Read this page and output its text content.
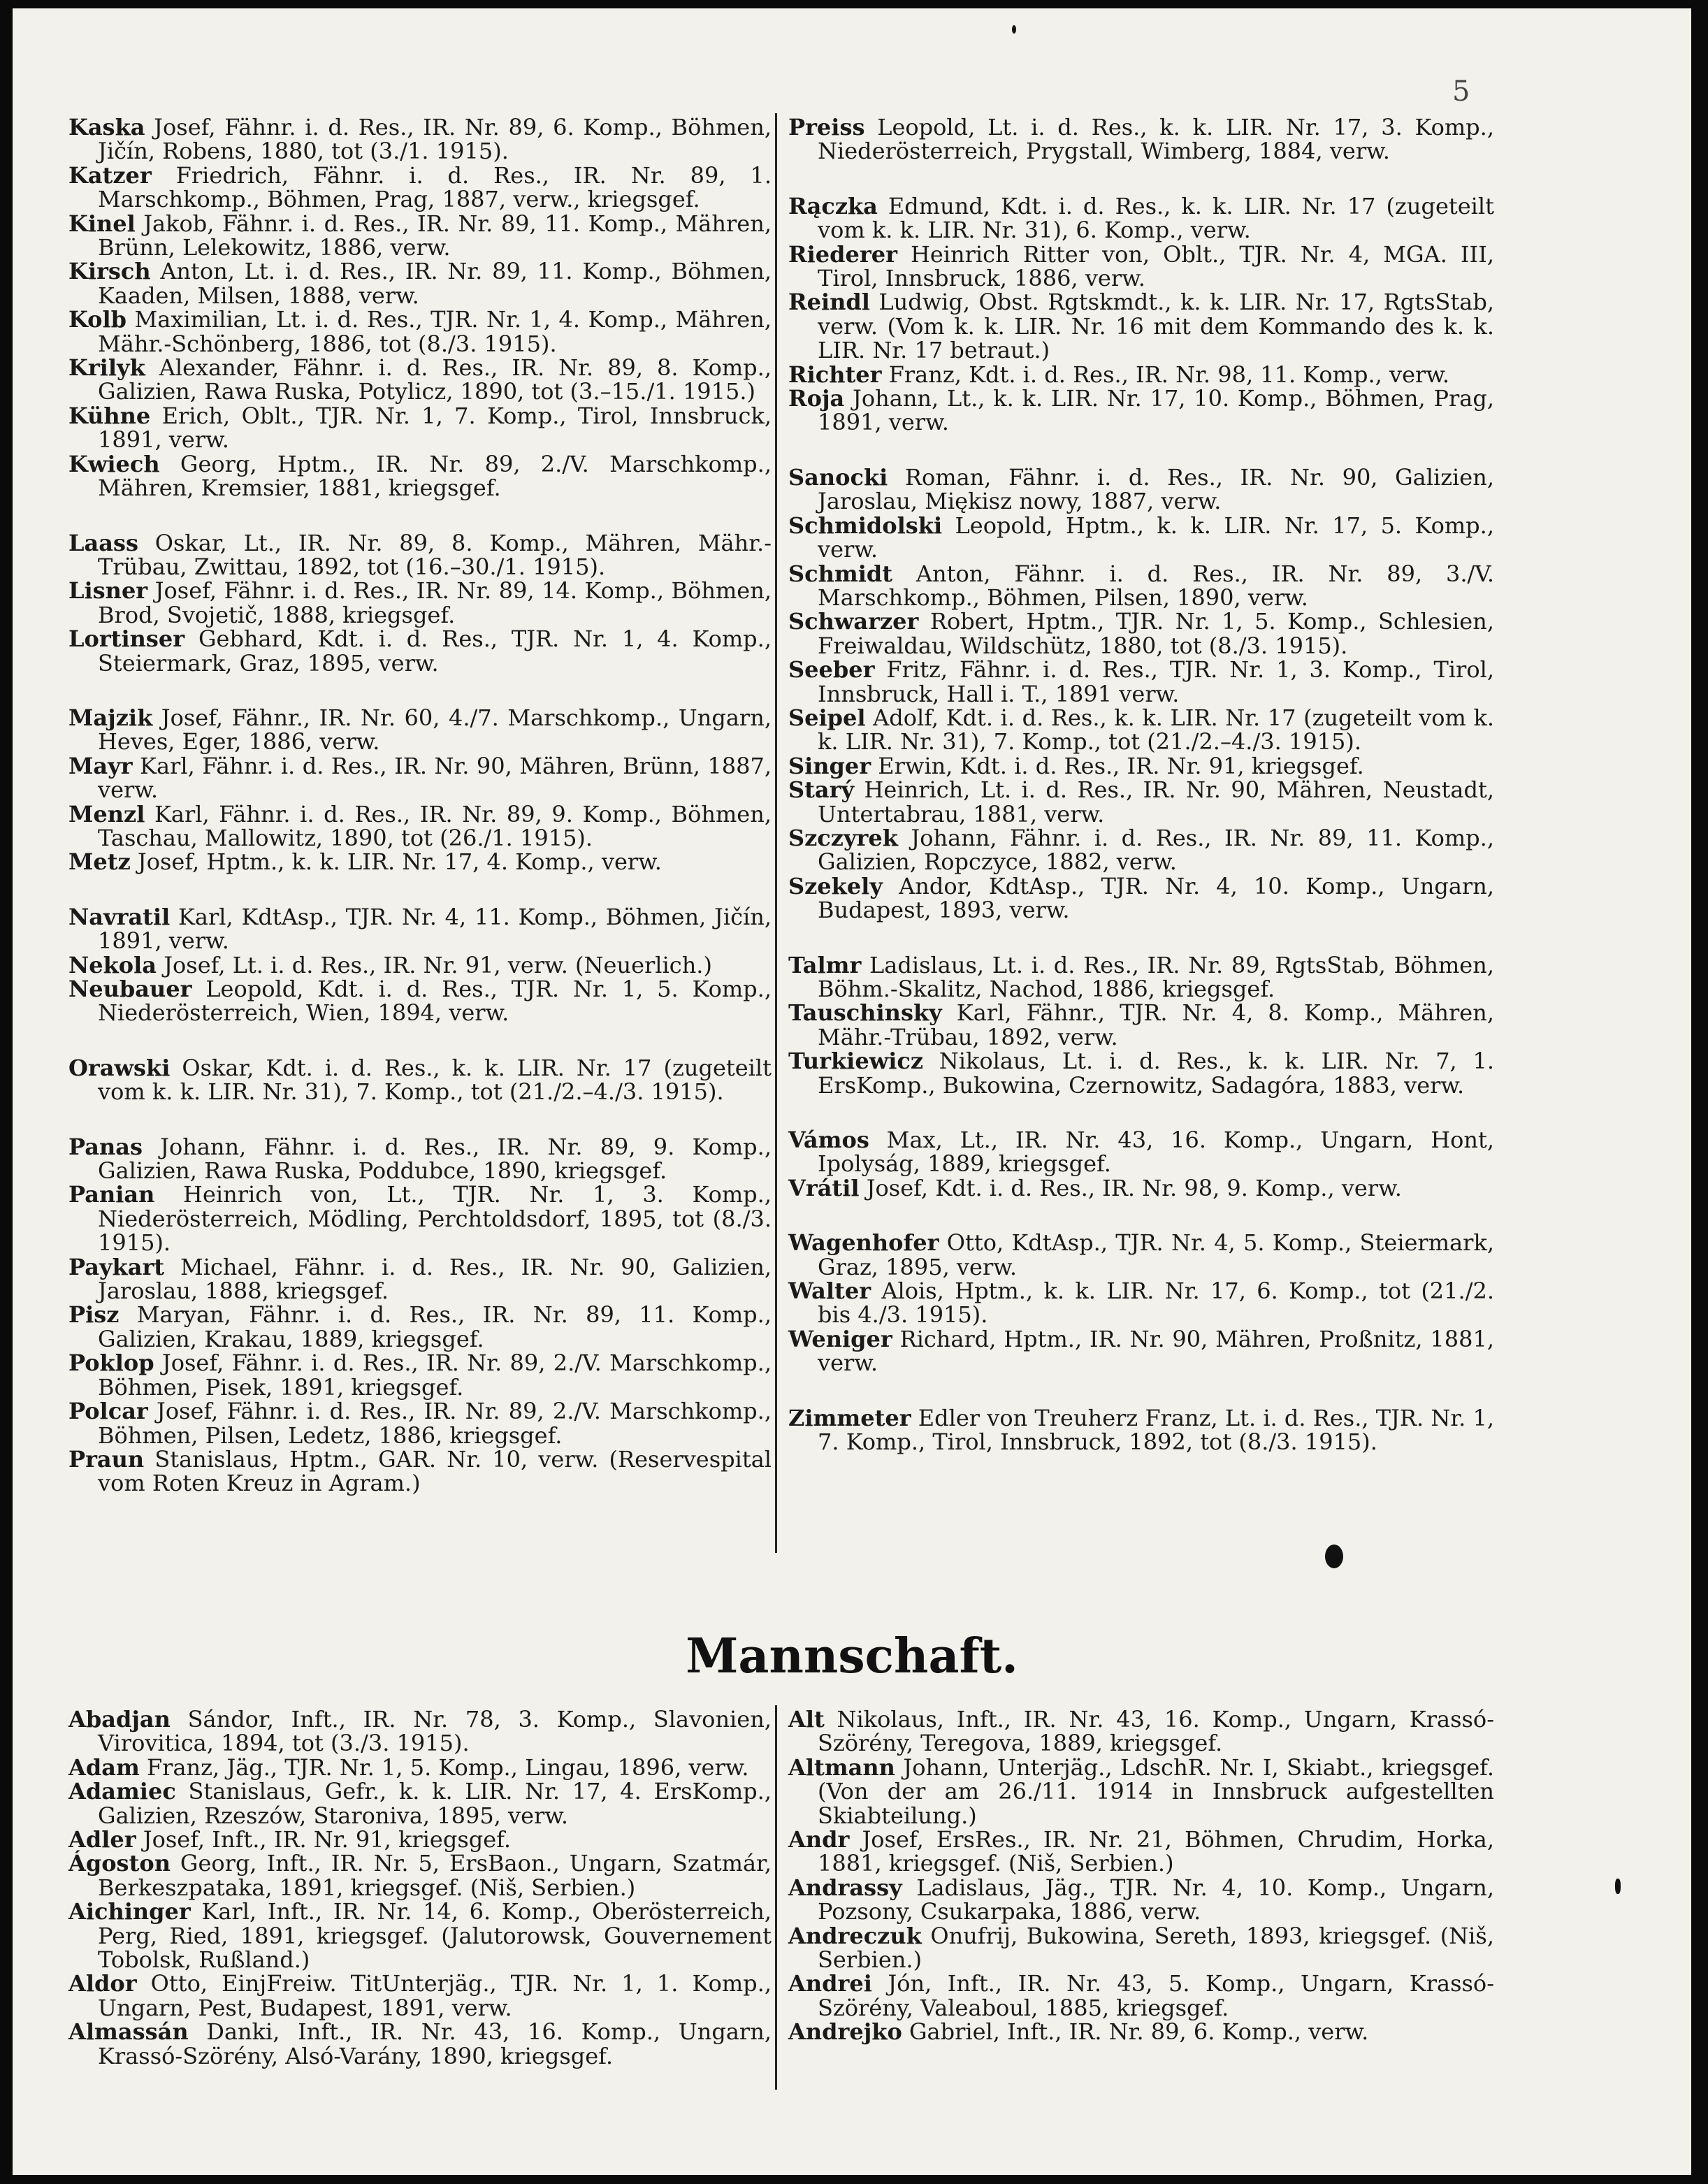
5

Kaska Josef, Fähnr. i. d. Res., IR. Nr. 89, 6. Komp., Böhmen, Jičín, Robens, 1880, tot (3./1. 1915).

Katzer Friedrich, Fähnr. i. d. Res., IR. Nr. 89, 1. Marschkomp., Böhmen, Prag, 1887, verw., kriegsgef.

Kinel Jakob, Fähnr. i. d. Res., IR. Nr. 89, 11. Komp., Mähren, Brünn, Lelekowitz, 1886, verw.

Kirsch Anton, Lt. i. d. Res., IR. Nr. 89, 11. Komp., Böhmen, Kaaden, Milsen, 1888, verw.

Kolb Maximilian, Lt. i. d. Res., TJR. Nr. 1, 4. Komp., Mähren, Mähr.-Schönberg, 1886, tot (8./3. 1915).

Krilyk Alexander, Fähnr. i. d. Res., IR. Nr. 89, 8. Komp., Galizien, Rawa Ruska, Potylicz, 1890, tot (3.–15./1. 1915.)

Kühne Erich, Oblt., TJR. Nr. 1, 7. Komp., Tirol, Innsbruck, 1891, verw.

Kwiech Georg, Hptm., IR. Nr. 89, 2./V. Marschkomp., Mähren, Kremsier, 1881, kriegsgef.

Laass Oskar, Lt., IR. Nr. 89, 8. Komp., Mähren, Mähr.-Trübau, Zwittau, 1892, tot (16.–30./1. 1915).

Lisner Josef, Fähnr. i. d. Res., IR. Nr. 89, 14. Komp., Böhmen, Brod, Svojetič, 1888, kriegsgef.

Lortinser Gebhard, Kdt. i. d. Res., TJR. Nr. 1, 4. Komp., Steiermark, Graz, 1895, verw.

Majzik Josef, Fähnr., IR. Nr. 60, 4./7. Marschkomp., Ungarn, Heves, Eger, 1886, verw.

Mayr Karl, Fähnr. i. d. Res., IR. Nr. 90, Mähren, Brünn, 1887, verw.

Menzl Karl, Fähnr. i. d. Res., IR. Nr. 89, 9. Komp., Böhmen, Taschau, Mallowitz, 1890, tot (26./1. 1915).

Metz Josef, Hptm., k. k. LIR. Nr. 17, 4. Komp., verw.

Navratil Karl, KdtAsp., TJR. Nr. 4, 11. Komp., Böhmen, Jičín, 1891, verw.

Nekola Josef, Lt. i. d. Res., IR. Nr. 91, verw. (Neuerlich.)

Neubauer Leopold, Kdt. i. d. Res., TJR. Nr. 1, 5. Komp., Niederösterreich, Wien, 1894, verw.

Orawski Oskar, Kdt. i. d. Res., k. k. LIR. Nr. 17 (zugeteilt vom k. k. LIR. Nr. 31), 7. Komp., tot (21./2.–4./3. 1915).

Panas Johann, Fähnr. i. d. Res., IR. Nr. 89, 9. Komp., Galizien, Rawa Ruska, Poddubce, 1890, kriegsgef.

Panian Heinrich von, Lt., TJR. Nr. 1, 3. Komp., Niederösterreich, Mödling, Perchtoldsdorf, 1895, tot (8./3. 1915).

Paykart Michael, Fähnr. i. d. Res., IR. Nr. 90, Galizien, Jaroslau, 1888, kriegsgef.

Pisz Maryan, Fähnr. i. d. Res., IR. Nr. 89, 11. Komp., Galizien, Krakau, 1889, kriegsgef.

Poklop Josef, Fähnr. i. d. Res., IR. Nr. 89, 2./V. Marschkomp., Böhmen, Pisek, 1891, kriegsgef.

Polcar Josef, Fähnr. i. d. Res., IR. Nr. 89, 2./V. Marschkomp., Böhmen, Pilsen, Ledetz, 1886, kriegsgef.

Praun Stanislaus, Hptm., GAR. Nr. 10, verw. (Reservespital vom Roten Kreuz in Agram.)

Preiss Leopold, Lt. i. d. Res., k. k. LIR. Nr. 17, 3. Komp., Niederösterreich, Prygstall, Wimberg, 1884, verw.

Rączka Edmund, Kdt. i. d. Res., k. k. LIR. Nr. 17 (zugeteilt vom k. k. LIR. Nr. 31), 6. Komp., verw.

Riederer Heinrich Ritter von, Oblt., TJR. Nr. 4, MGA. III, Tirol, Innsbruck, 1886, verw.

Reindl Ludwig, Obst. Rgtskmdt., k. k. LIR. Nr. 17, RgtsStab, verw. (Vom k. k. LIR. Nr. 16 mit dem Kommando des k. k. LIR. Nr. 17 betraut.)

Richter Franz, Kdt. i. d. Res., IR. Nr. 98, 11. Komp., verw.

Roja Johann, Lt., k. k. LIR. Nr. 17, 10. Komp., Böhmen, Prag, 1891, verw.

Sanocki Roman, Fähnr. i. d. Res., IR. Nr. 90, Galizien, Jaroslau, Miękisz nowy, 1887, verw.

Schmidolski Leopold, Hptm., k. k. LIR. Nr. 17, 5. Komp., verw.

Schmidt Anton, Fähnr. i. d. Res., IR. Nr. 89, 3./V. Marschkomp., Böhmen, Pilsen, 1890, verw.

Schwarzer Robert, Hptm., TJR. Nr. 1, 5. Komp., Schlesien, Freiwaldau, Wildschütz, 1880, tot (8./3. 1915).

Seeber Fritz, Fähnr. i. d. Res., TJR. Nr. 1, 3. Komp., Tirol, Innsbruck, Hall i. T., 1891 verw.

Seipel Adolf, Kdt. i. d. Res., k. k. LIR. Nr. 17 (zugeteilt vom k. k. LIR. Nr. 31), 7. Komp., tot (21./2.–4./3. 1915).

Singer Erwin, Kdt. i. d. Res., IR. Nr. 91, kriegsgef.

Starý Heinrich, Lt. i. d. Res., IR. Nr. 90, Mähren, Neustadt, Untertabrau, 1881, verw.

Szczyrek Johann, Fähnr. i. d. Res., IR. Nr. 89, 11. Komp., Galizien, Ropczyce, 1882, verw.

Szekely Andor, KdtAsp., TJR. Nr. 4, 10. Komp., Ungarn, Budapest, 1893, verw.

Talmr Ladislaus, Lt. i. d. Res., IR. Nr. 89, RgtsStab, Böhmen, Böhm.-Skalitz, Nachod, 1886, kriegsgef.

Tauschinsky Karl, Fähnr., TJR. Nr. 4, 8. Komp., Mähren, Mähr.-Trübau, 1892, verw.

Turkiewicz Nikolaus, Lt. i. d. Res., k. k. LIR. Nr. 7, 1. ErsKomp., Bukowina, Czernowitz, Sadagóra, 1883, verw.

Vámos Max, Lt., IR. Nr. 43, 16. Komp., Ungarn, Hont, Ipolyság, 1889, kriegsgef.

Vrátil Josef, Kdt. i. d. Res., IR. Nr. 98, 9. Komp., verw.

Wagenhofer Otto, KdtAsp., TJR. Nr. 4, 5. Komp., Steiermark, Graz, 1895, verw.

Walter Alois, Hptm., k. k. LIR. Nr. 17, 6. Komp., tot (21./2. bis 4./3. 1915).

Weniger Richard, Hptm., IR. Nr. 90, Mähren, Proßnitz, 1881, verw.

Zimmeter Edler von Treuherz Franz, Lt. i. d. Res., TJR. Nr. 1, 7. Komp., Tirol, Innsbruck, 1892, tot (8./3. 1915).

Mannschaft.

Abadjan Sándor, Inft., IR. Nr. 78, 3. Komp., Slavonien, Virovitica, 1894, tot (3./3. 1915).

Adam Franz, Jäg., TJR. Nr. 1, 5. Komp., Lingau, 1896, verw.

Adamiec Stanislaus, Gefr., k. k. LIR. Nr. 17, 4. ErsKomp., Galizien, Rzeszów, Staroniva, 1895, verw.

Adler Josef, Inft., IR. Nr. 91, kriegsgef.

Ágoston Georg, Inft., IR. Nr. 5, ErsBaon., Ungarn, Szatmár, Berkeszpataka, 1891, kriegsgef. (Niš, Serbien.)

Aichinger Karl, Inft., IR. Nr. 14, 6. Komp., Oberösterreich, Perg, Ried, 1891, kriegsgef. (Jalutorowsk, Gouvernement Tobolsk, Rußland.)

Aldor Otto, EinjFreiw. TitUnterjäg., TJR. Nr. 1, 1. Komp., Ungarn, Pest, Budapest, 1891, verw.

Almassán Danki, Inft., IR. Nr. 43, 16. Komp., Ungarn, Krassó-Szörény, Alsó-Varány, 1890, kriegsgef.

Alt Nikolaus, Inft., IR. Nr. 43, 16. Komp., Ungarn, Krassó-Szörény, Teregova, 1889, kriegsgef.

Altmann Johann, Unterjäg., LdschR. Nr. I, Skiabt., kriegsgef. (Von der am 26./11. 1914 in Innsbruck aufgestellten Skiabteilung.)

Andr Josef, ErsRes., IR. Nr. 21, Böhmen, Chrudim, Horka, 1881, kriegsgef. (Niš, Serbien.)

Andrassy Ladislaus, Jäg., TJR. Nr. 4, 10. Komp., Ungarn, Pozsony, Csukarpaka, 1886, verw.

Andreczuk Onufrij, Bukowina, Sereth, 1893, kriegsgef. (Niš, Serbien.)

Andrei Jón, Inft., IR. Nr. 43, 5. Komp., Ungarn, Krassó-Szörény, Valeaboul, 1885, kriegsgef.

Andrejko Gabriel, Inft., IR. Nr. 89, 6. Komp., verw.
